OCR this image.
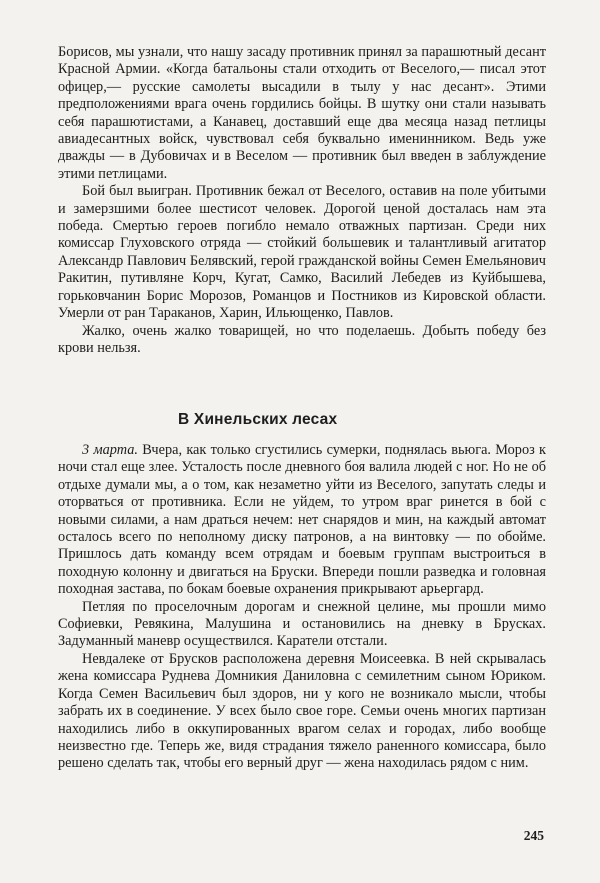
Борисов, мы узнали, что нашу засаду противник принял за парашютный десант Красной Армии. «Когда батальоны стали отходить от Веселого,— писал этот офицер,— русские самолеты высадили в тылу у нас десант». Этими предположениями врага очень гордились бойцы. В шутку они стали называть себя парашютистами, а Канавец, доставший еще два месяца назад петлицы авиадесантных войск, чувствовал себя буквально именинником. Ведь уже дважды — в Дубовичах и в Веселом — противник был введен в заблуждение этими петлицами.

Бой был выигран. Противник бежал от Веселого, оставив на поле убитыми и замерзшими более шестисот человек. Дорогой ценой досталась нам эта победа. Смертью героев погибло немало отважных партизан. Среди них комиссар Глуховского отряда — стойкий большевик и талантливый агитатор Александр Павлович Белявский, герой гражданской войны Семен Емельянович Ракитин, путивляне Корч, Кугат, Самко, Василий Лебедев из Куйбышева, горьковчанин Борис Морозов, Романцов и Постников из Кировской области. Умерли от ран Тараканов, Харин, Ильющенко, Павлов.

Жалко, очень жалко товарищей, но что поделаешь. Добыть победу без крови нельзя.

В Хинельских лесах

3 марта. Вчера, как только сгустились сумерки, поднялась вьюга. Мороз к ночи стал еще злее. Усталость после дневного боя валила людей с ног. Но не об отдыхе думали мы, а о том, как незаметно уйти из Веселого, запутать следы и оторваться от противника. Если не уйдем, то утром враг ринется в бой с новыми силами, а нам драться нечем: нет снарядов и мин, на каждый автомат осталось всего по неполному диску патронов, а на винтовку — по обойме. Пришлось дать команду всем отрядам и боевым группам выстроиться в походную колонну и двигаться на Бруски. Впереди пошли разведка и головная походная застава, по бокам боевые охранения прикрывают арьергард.

Петляя по проселочным дорогам и снежной целине, мы прошли мимо Софиевки, Ревякина, Малушина и остановились на дневку в Брусках. Задуманный маневр осуществился. Каратели отстали.

Невдалеке от Брусков расположена деревня Моисеевка. В ней скрывалась жена комиссара Руднева Домникия Даниловна с семилетним сыном Юриком. Когда Семен Васильевич был здоров, ни у кого не возникало мысли, чтобы забрать их в соединение. У всех было свое горе. Семьи очень многих партизан находились либо в оккупированных врагом селах и городах, либо вообще неизвестно где. Теперь же, видя страдания тяжело раненного комиссара, было решено сделать так, чтобы его верный друг — жена находилась рядом с ним.

245
